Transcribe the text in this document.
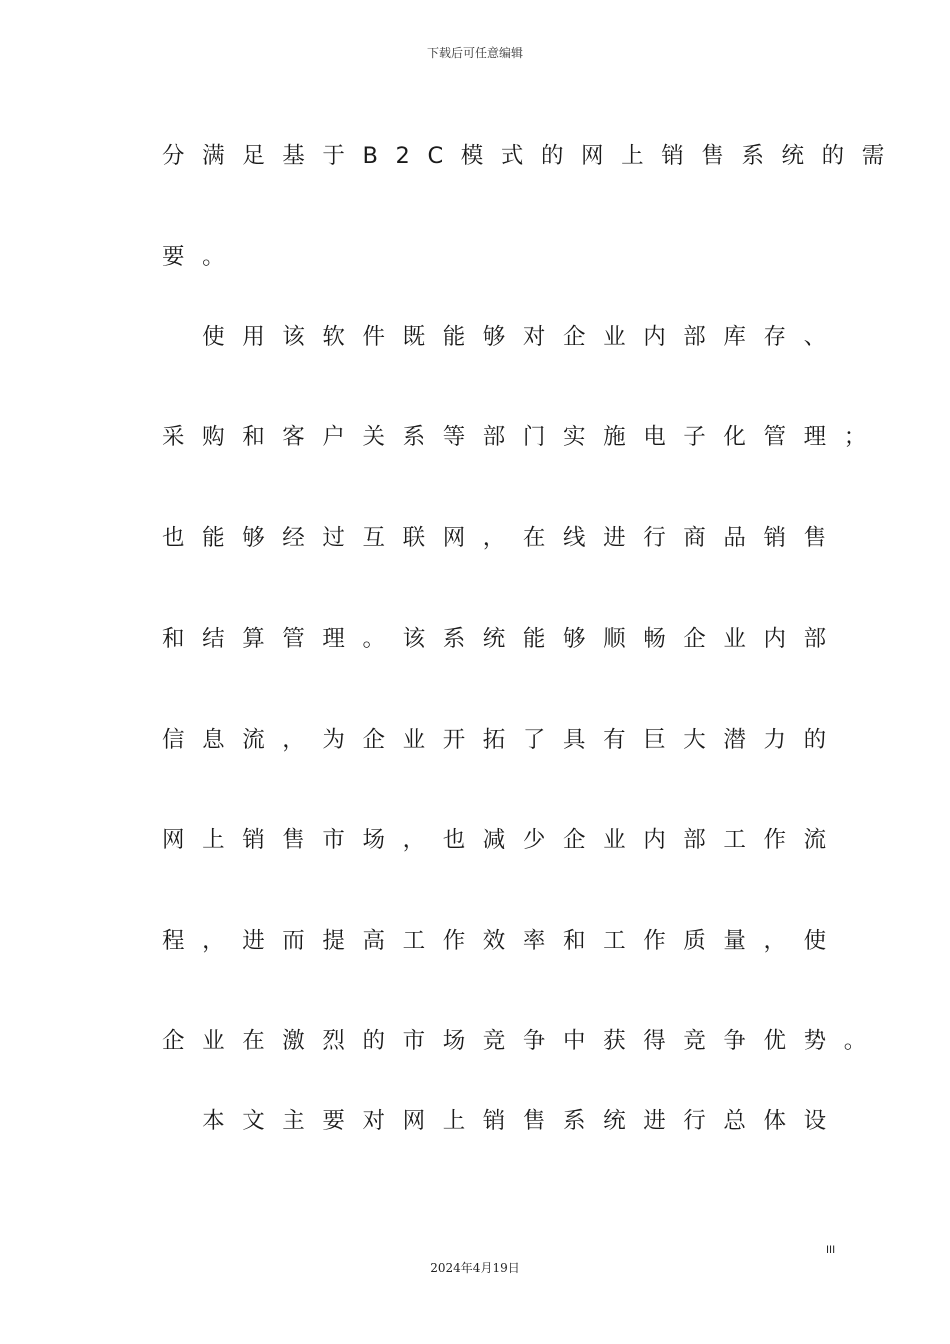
下载后可任意编辑
分满足基于B2C模式的网上销售系统的需
要。
　使用该软件既能够对企业内部库存、
采购和客户关系等部门实施电子化管理；
也能够经过互联网，在线进行商品销售
和结算管理。该系统能够顺畅企业内部
信息流，为企业开拓了具有巨大潜力的
网上销售市场，也减少企业内部工作流
程，进而提高工作效率和工作质量，使
企业在激烈的市场竞争中获得竞争优势。
　本文主要对网上销售系统进行总体设
III
2024年4月19日
